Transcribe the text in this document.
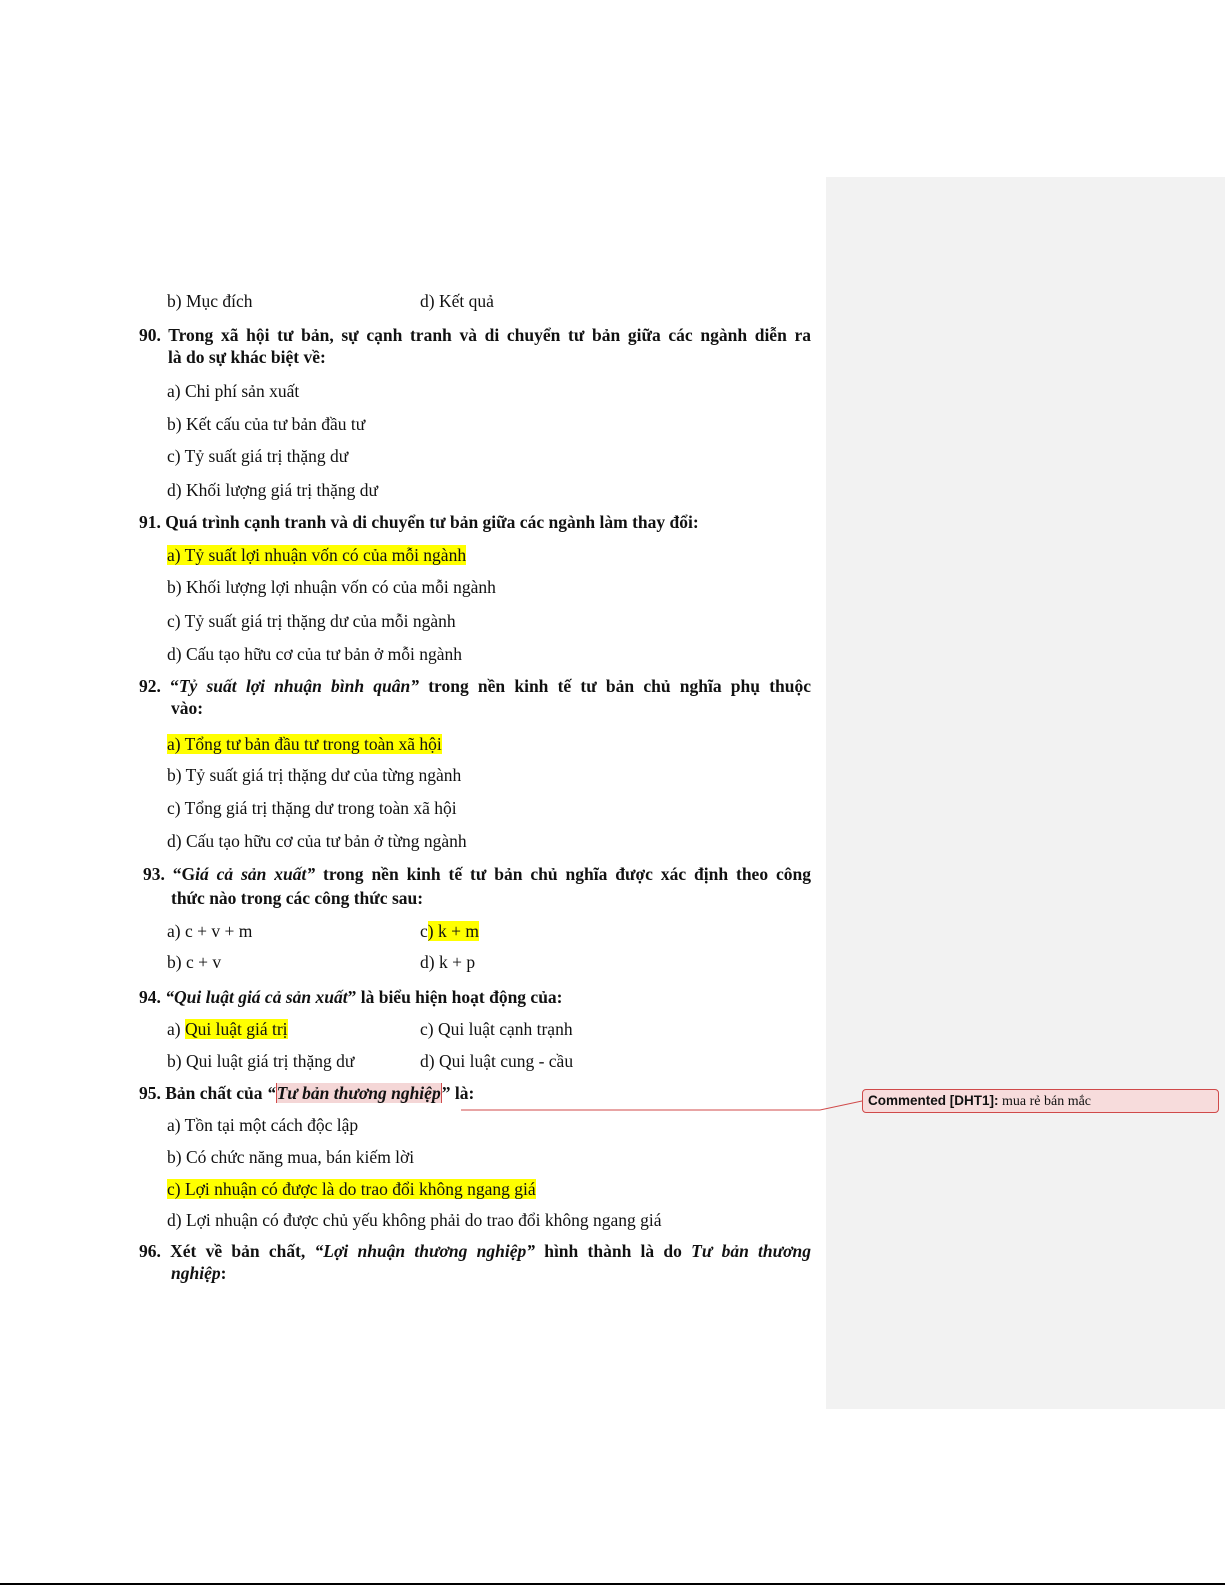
b) Mục đích	d) Kết quả
90. Trong xã hội tư bản, sự cạnh tranh và di chuyển tư bản giữa các ngành diễn ra
là do sự khác biệt về:
a) Chi phí sản xuất
b) Kết cấu của tư bản đầu tư
c) Tỷ suất giá trị thặng dư
d) Khối lượng giá trị thặng dư
91. Quá trình cạnh tranh và di chuyển tư bản giữa các ngành làm thay đổi:
a) Tỷ suất lợi nhuận vốn có của mỗi ngành
b) Khối lượng lợi nhuận vốn có của mỗi ngành
c) Tỷ suất giá trị thặng dư của mỗi ngành
d) Cấu tạo hữu cơ của tư bản ở mỗi ngành
92. “Tỷ suất lợi nhuận bình quân” trong nền kinh tế tư bản chủ nghĩa phụ thuộc
vào:
a) Tổng tư bản đầu tư trong toàn xã hội
b) Tỷ suất giá trị thặng dư của từng ngành
c) Tổng giá trị thặng dư trong toàn xã hội
d) Cấu tạo hữu cơ của tư bản ở từng ngành
93. “Giá cả sản xuất” trong nền kinh tế tư bản chủ nghĩa được xác định theo công
thức nào trong các công thức sau:
a) c + v + m	c) k + m
b) c + v	d) k + p
94. “Qui luật giá cả sản xuất” là biểu hiện hoạt động của:
a) Qui luật giá trị	c) Qui luật cạnh trạnh
b) Qui luật giá trị thặng dư	d) Qui luật cung - cầu
95. Bản chất của “Tư bản thương nghiệp” là:
a) Tồn tại một cách độc lập
b) Có chức năng mua, bán kiếm lời
c) Lợi nhuận có được là do trao đổi không ngang giá
d) Lợi nhuận có được chủ yếu không phải do trao đổi không ngang giá
96. Xét về bản chất, “Lợi nhuận thương nghiệp” hình thành là do Tư bản thương
nghiệp:
Commented [DHT1]: mua rẻ bán mắc
